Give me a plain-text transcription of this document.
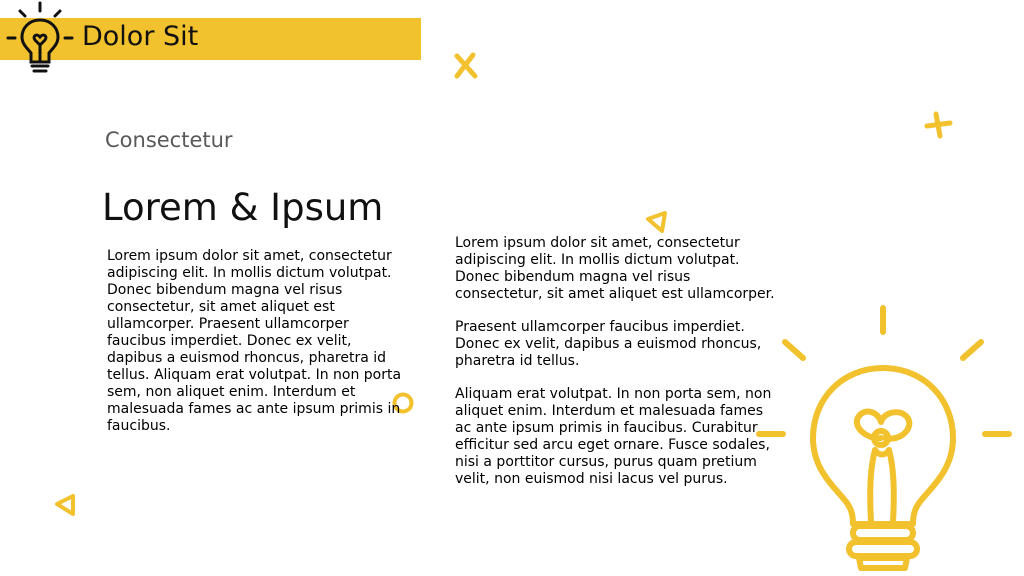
Dolor Sit
Consectetur
Lorem & Ipsum
Lorem ipsum dolor sit amet, consectetur adipiscing elit. In mollis dictum volutpat. Donec bibendum magna vel risus consectetur, sit amet aliquet est ullamcorper. Praesent ullamcorper faucibus imperdiet. Donec ex velit, dapibus a euismod rhoncus, pharetra id tellus. Aliquam erat volutpat. In non porta sem, non aliquet enim. Interdum et malesuada fames ac ante ipsum primis in faucibus.

Lorem ipsum dolor sit amet, consectetur adipiscing elit. In mollis dictum volutpat. Donec bibendum magna vel risus consectetur, sit amet aliquet est ullamcorper.

Praesent ullamcorper faucibus imperdiet. Donec ex velit, dapibus a euismod rhoncus, pharetra id tellus.

Aliquam erat volutpat. In non porta sem, non aliquet enim. Interdum et malesuada fames ac ante ipsum primis in faucibus. Curabitur efficitur sed arcu eget ornare. Fusce sodales, nisi a porttitor cursus, purus quam pretium velit, non euismod nisi lacus vel purus.
